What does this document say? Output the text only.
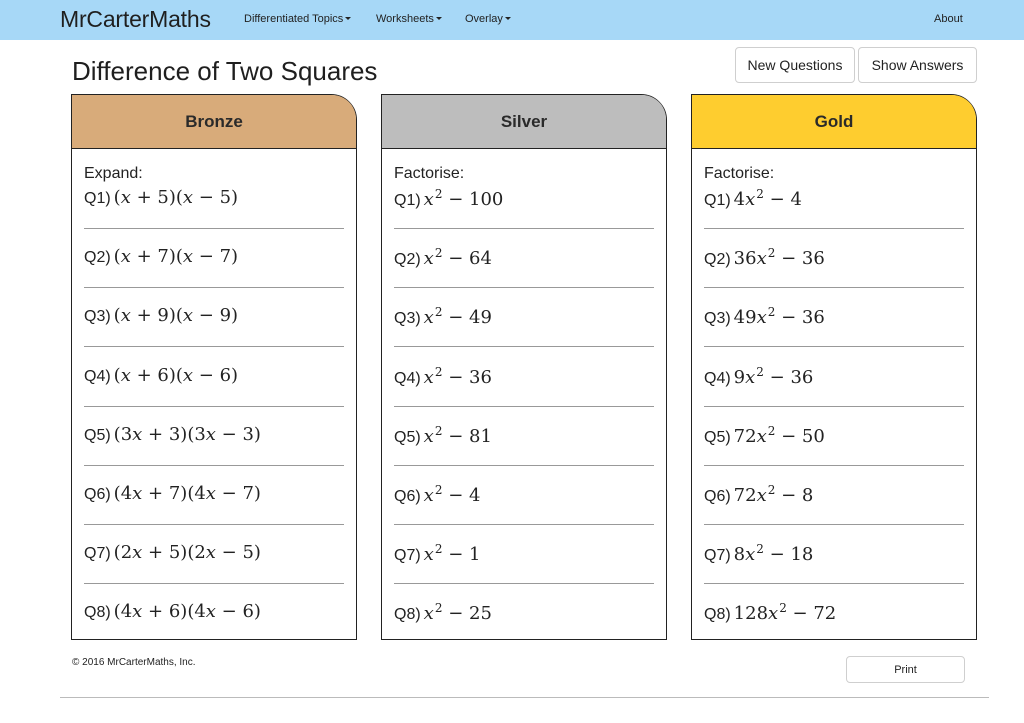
MrCarterMaths	Differentiated Topics	Worksheets	Overlay	About
Difference of Two Squares	New Questions	Show Answers
Bronze
Expand:
Q1) (x + 5)(x − 5)
Q2) (x + 7)(x − 7)
Q3) (x + 9)(x − 9)
Q4) (x + 6)(x − 6)
Q5) (3x + 3)(3x − 3)
Q6) (4x + 7)(4x − 7)
Q7) (2x + 5)(2x − 5)
Q8) (4x + 6)(4x − 6)
Silver
Factorise:
Q1) $x^2 - 100$
Q2) $x^2 - 64$
Q3) $x^2 - 49$
Q4) $x^2 - 36$
Q5) $x^2 - 81$
Q6) $x^2 - 4$
Q7) $x^2 - 1$
Q8) $x^2 - 25$
Gold
Factorise:
Q1) $4x^2 - 4$
Q2) $36x^2 - 36$
Q3) $49x^2 - 36$
Q4) $9x^2 - 36$
Q5) $72x^2 - 50$
Q6) $72x^2 - 8$
Q7) $8x^2 - 18$
Q8) $128x^2 - 72$
© 2016 MrCarterMaths, Inc.
Print
